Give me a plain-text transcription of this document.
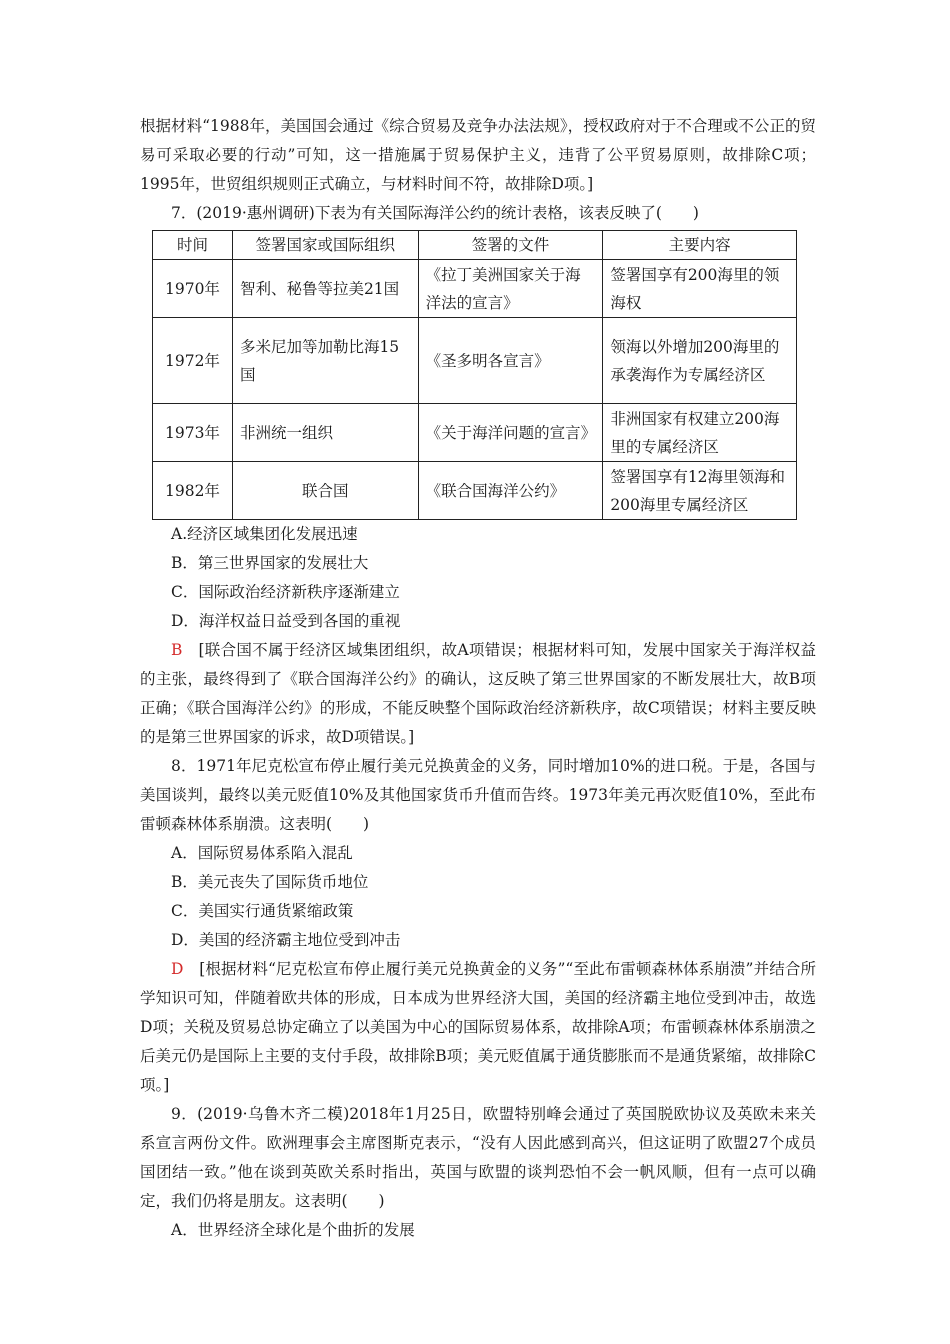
根据材料“1988年，美国国会通过《综合贸易及竞争办法法规》，授权政府对于不合理或不公正的贸易可采取必要的行动”可知，这一措施属于贸易保护主义，违背了公平贸易原则，故排除C项；1995年，世贸组织规则正式确立，与材料时间不符，故排除D项。]

7．(2019·惠州调研)下表为有关国际海洋公约的统计表格，该表反映了(　　)

时间	签署国家或国际组织	签署的文件	主要内容
1970年	智利、秘鲁等拉美21国	《拉丁美洲国家关于海洋法的宣言》	签署国享有200海里的领海权
1972年	多米尼加等加勒比海15国	《圣多明各宣言》	领海以外增加200海里的承袭海作为专属经济区
1973年	非洲统一组织	《关于海洋问题的宣言》	非洲国家有权建立200海里的专属经济区
1982年	联合国	《联合国海洋公约》	签署国享有12海里领海和200海里专属经济区

A.经济区域集团化发展迅速

B．第三世界国家的发展壮大

C．国际政治经济新秩序逐渐建立

D．海洋权益日益受到各国的重视

B　 [联合国不属于经济区域集团组织，故A项错误；根据材料可知，发展中国家关于海洋权益的主张，最终得到了《联合国海洋公约》的确认，这反映了第三世界国家的不断发展壮大，故B项正确；《联合国海洋公约》的形成，不能反映整个国际政治经济新秩序，故C项错误；材料主要反映的是第三世界国家的诉求，故D项错误。]

8．1971年尼克松宣布停止履行美元兑换黄金的义务，同时增加10%的进口税。于是，各国与美国谈判，最终以美元贬值10%及其他国家货币升值而告终。1973年美元再次贬值10%，至此布雷顿森林体系崩溃。这表明(　　)

A．国际贸易体系陷入混乱

B．美元丧失了国际货币地位

C．美国实行通货紧缩政策

D．美国的经济霸主地位受到冲击

D　 [根据材料“尼克松宣布停止履行美元兑换黄金的义务”“至此布雷顿森林体系崩溃”并结合所学知识可知，伴随着欧共体的形成，日本成为世界经济大国，美国的经济霸主地位受到冲击，故选D项；关税及贸易总协定确立了以美国为中心的国际贸易体系，故排除A项；布雷顿森林体系崩溃之后美元仍是国际上主要的支付手段，故排除B项；美元贬值属于通货膨胀而不是通货紧缩，故排除C项。]

9．(2019·乌鲁木齐二模)2018年1月25日，欧盟特别峰会通过了英国脱欧协议及英欧未来关系宣言两份文件。欧洲理事会主席图斯克表示，“没有人因此感到高兴，但这证明了欧盟27个成员国团结一致。”他在谈到英欧关系时指出，英国与欧盟的谈判恐怕不会一帆风顺，但有一点可以确定，我们仍将是朋友。这表明(　　)

A．世界经济全球化是个曲折的发展
